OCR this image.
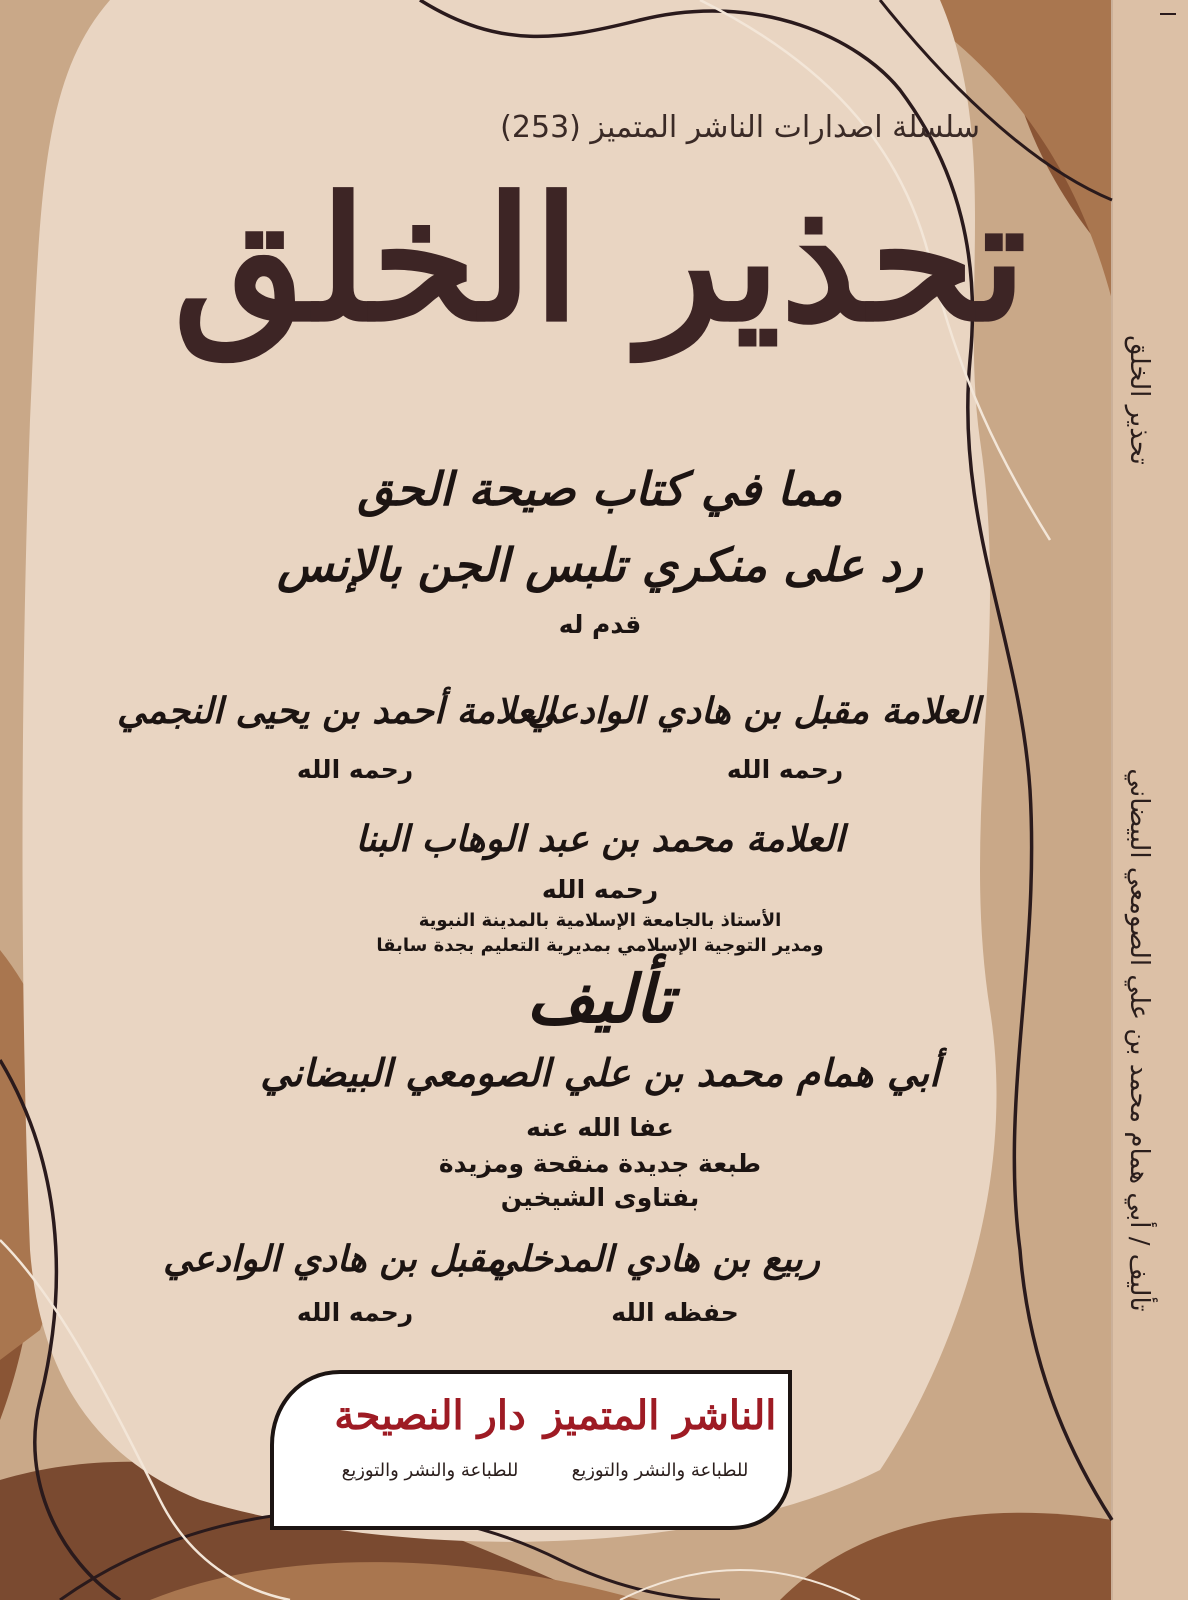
سلسلة اصدارات الناشر المتميز (253)

تحذير الخلق

مما في كتاب صيحة الحق

رد على منكري تلبس الجن بالإنس

قدم له

العلامة مقبل بن هادي الوادعي

رحمه الله

العلامة أحمد بن يحيى النجمي

رحمه الله

العلامة محمد بن عبد الوهاب البنا

رحمه الله

الأستاذ بالجامعة الإسلامية بالمدينة النبوية

ومدير التوجية الإسلامي بمديرية التعليم بجدة سابقا

تأليف

أبي همام محمد بن علي الصومعي البيضاني

عفا الله عنه

طبعة جديدة منقحة ومزيدة

بفتاوى الشيخين

ربيع بن هادي المدخلي

حفظه الله

مقبل بن هادي الوادعي

رحمه الله

الناشر المتميز

للطباعة والنشر والتوزيع

دار النصيحة

للطباعة والنشر والتوزيع

تحذير الخلق

تأليف / أبي همام محمد بن علي الصومعي البيضاني
